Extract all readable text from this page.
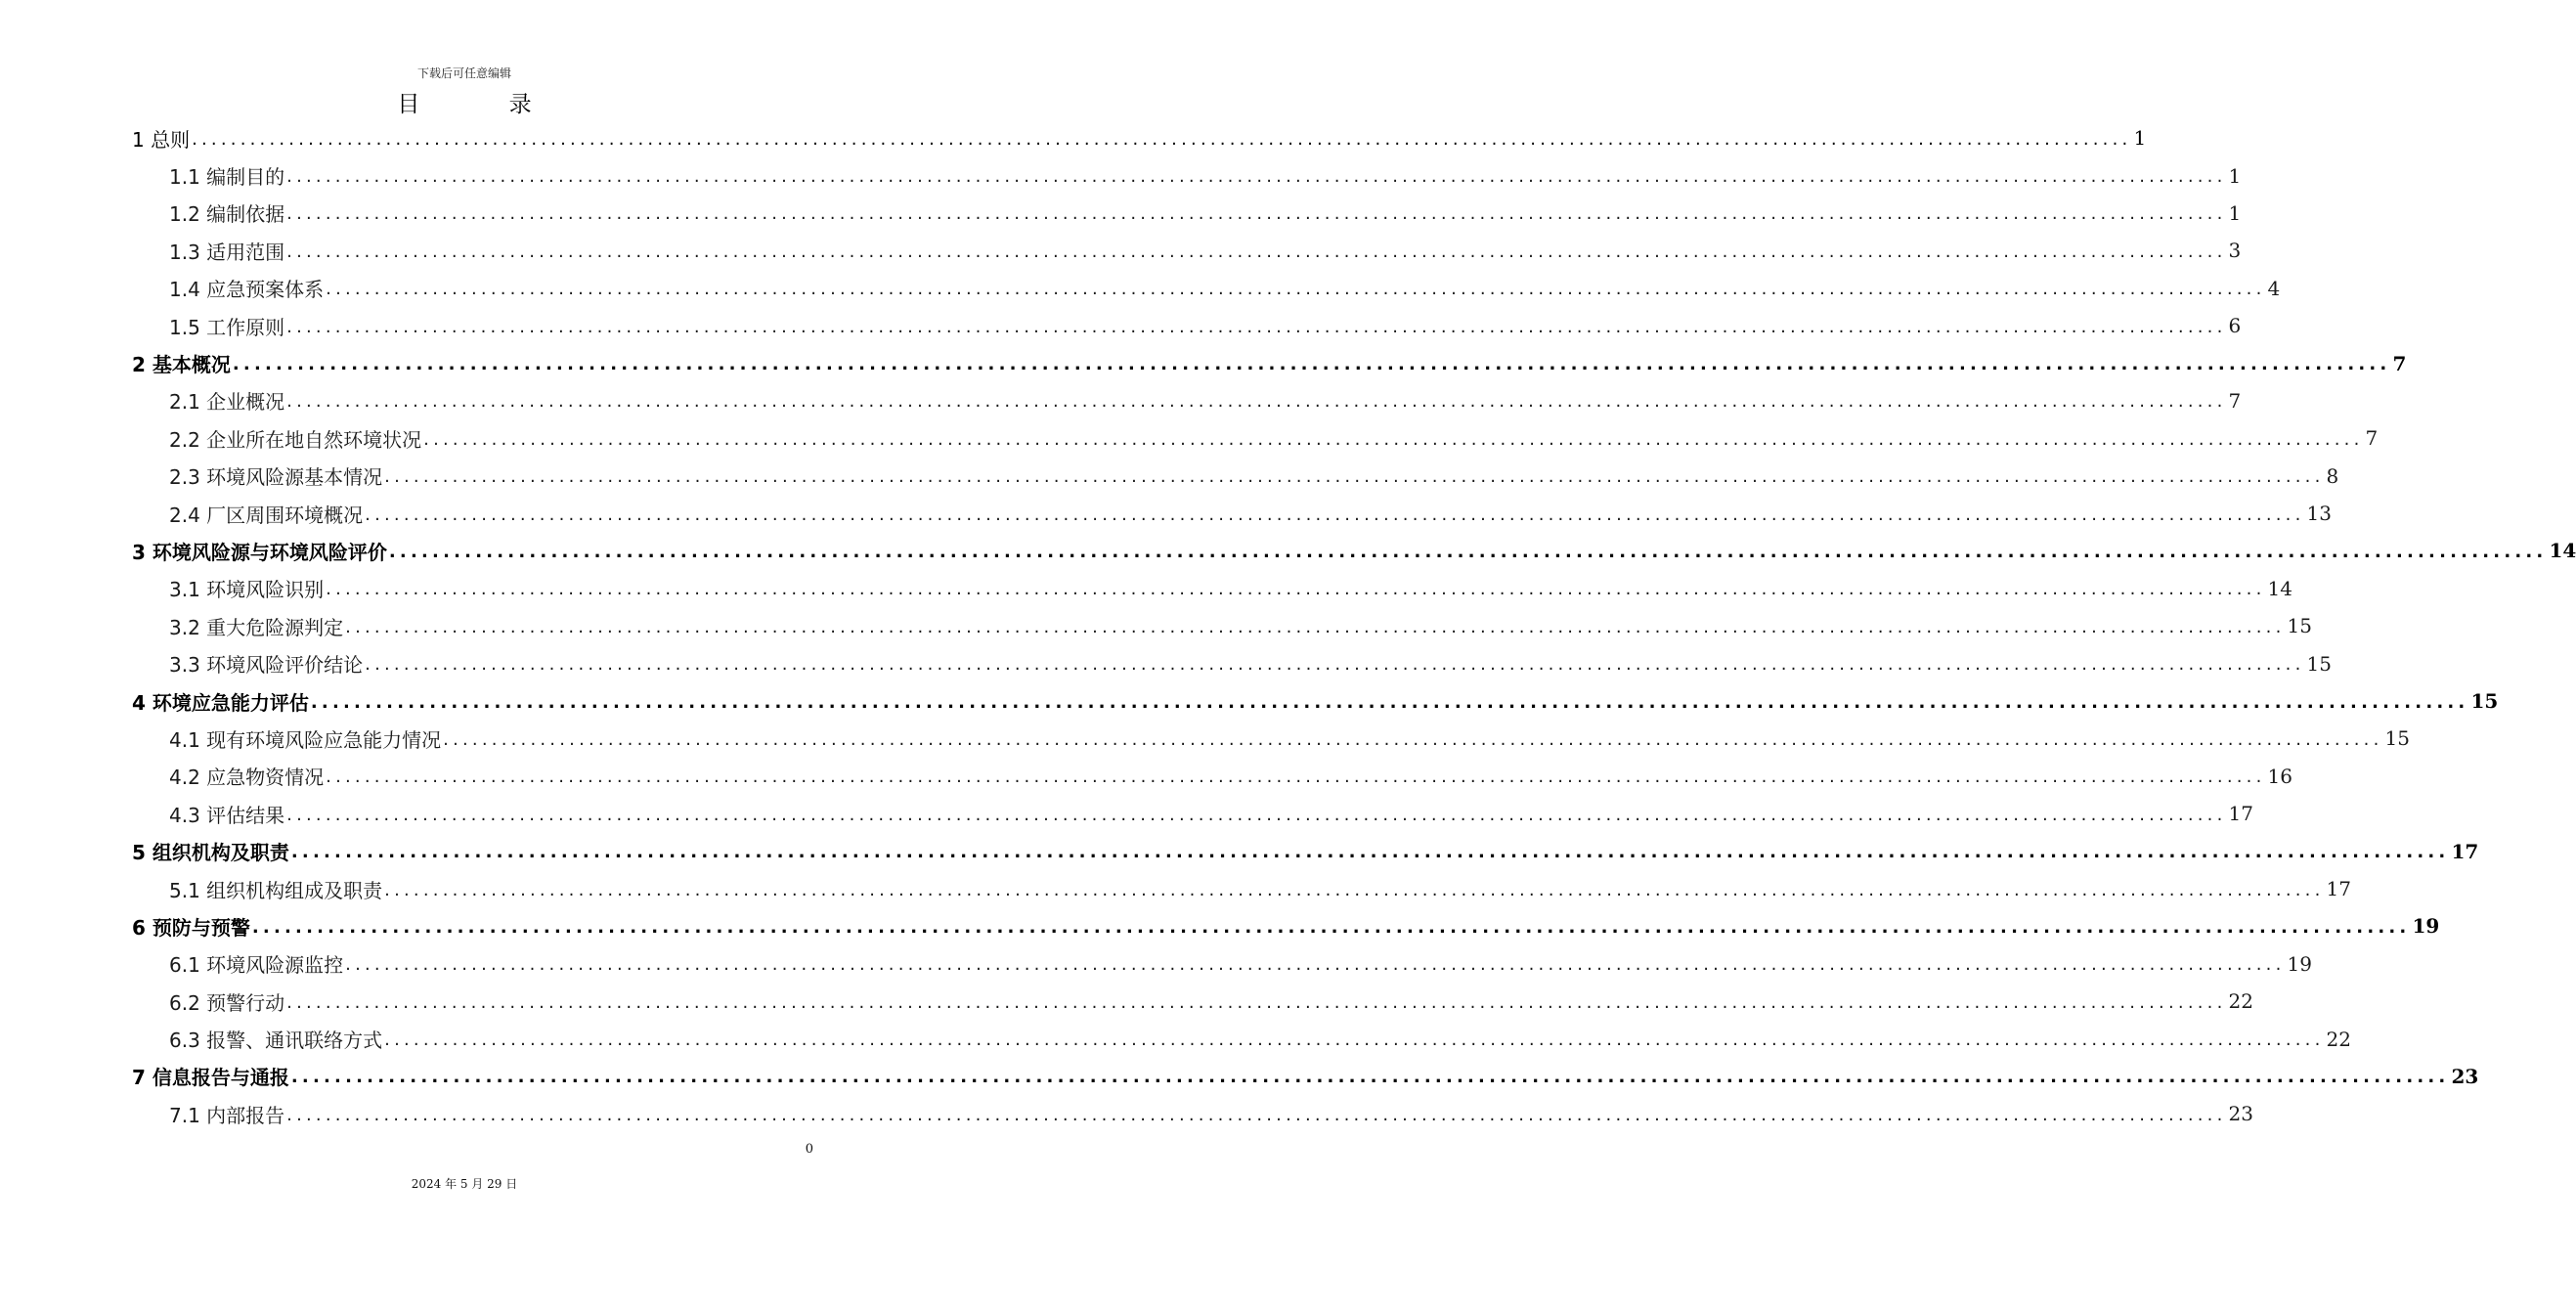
下载后可任意编辑
目 录
1 总则 ........................................................................................................................................................................................................ 1
1.1 编制目的 ........................................................................................................................................................................................................ 1
1.2 编制依据 ........................................................................................................................................................................................................ 1
1.3 适用范围 ........................................................................................................................................................................................................ 3
1.4 应急预案体系 ........................................................................................................................................................................................................ 4
1.5 工作原则 ........................................................................................................................................................................................................ 6
2 基本概况 ........................................................................................................................................................................................................ 7
2.1 企业概况 ........................................................................................................................................................................................................ 7
2.2 企业所在地自然环境状况 ........................................................................................................................................................................................................ 7
2.3 环境风险源基本情况 ........................................................................................................................................................................................................ 8
2.4 厂区周围环境概况 ........................................................................................................................................................................................................ 13
3 环境风险源与环境风险评价 ........................................................................................................................................................................................................ 14
3.1 环境风险识别 ........................................................................................................................................................................................................ 14
3.2 重大危险源判定 ........................................................................................................................................................................................................ 15
3.3 环境风险评价结论 ........................................................................................................................................................................................................ 15
4 环境应急能力评估 ........................................................................................................................................................................................................ 15
4.1 现有环境风险应急能力情况 ........................................................................................................................................................................................................ 15
4.2 应急物资情况 ........................................................................................................................................................................................................ 16
4.3 评估结果 ........................................................................................................................................................................................................ 17
5 组织机构及职责 ........................................................................................................................................................................................................ 17
5.1 组织机构组成及职责 ........................................................................................................................................................................................................ 17
6 预防与预警 ........................................................................................................................................................................................................ 19
6.1 环境风险源监控 ........................................................................................................................................................................................................ 19
6.2 预警行动 ........................................................................................................................................................................................................ 22
6.3 报警、通讯联络方式 ........................................................................................................................................................................................................ 22
7 信息报告与通报 ........................................................................................................................................................................................................ 23
7.1 内部报告 ........................................................................................................................................................................................................ 23
0
2024 年 5 月 29 日
